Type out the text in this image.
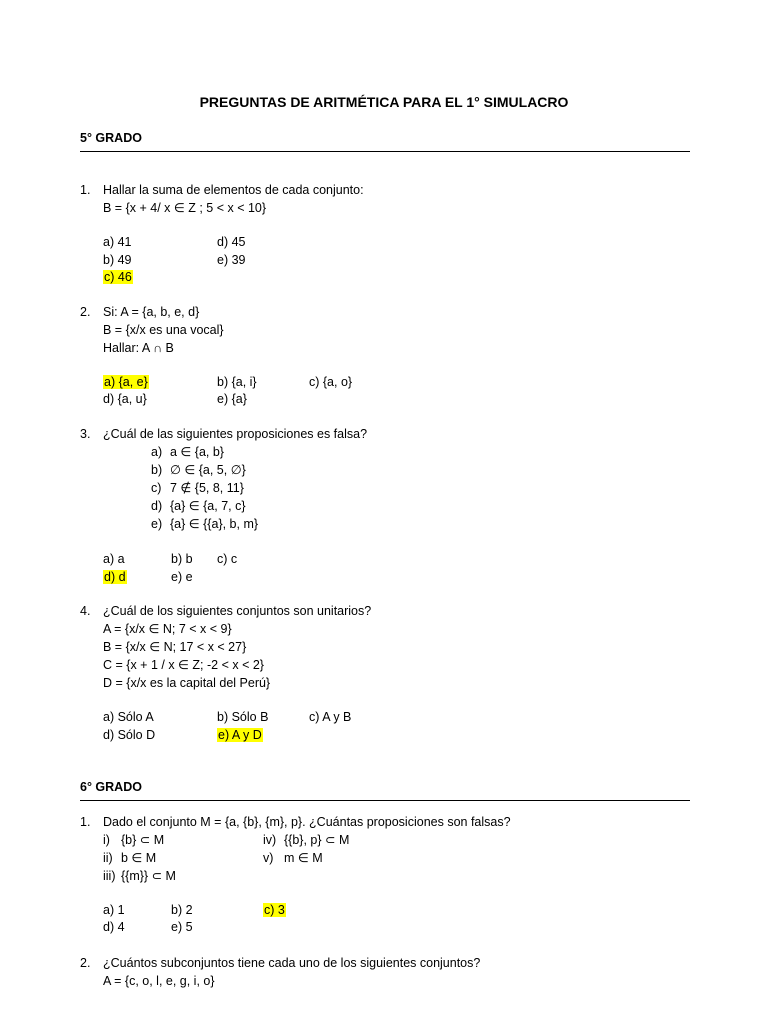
PREGUNTAS DE ARITMÉTICA PARA EL 1° SIMULACRO
5° GRADO
1. Hallar la suma de elementos de cada conjunto:
B = {x + 4/ x ∈ Z ; 5 < x < 10}
a) 41	d) 45
b) 49	e) 39
c) 46
2. Si: A = {a, b, e, d}
B = {x/x es una vocal}
Hallar: A ∩ B
a) {a, e}	b) {a, i}	c) {a, o}
d) {a, u}	e) {a}
3. ¿Cuál de las siguientes proposiciones es falsa?
a) a ∈ {a, b}
b) ∅ ∈ {a, 5, ∅}
c) 7 ∉ {5, 8, 11}
d) {a} ∈ {a, 7, c}
e) {a} ∈ {{a}, b, m}
a) a	b) b c) c
d) d	e) e
4. ¿Cuál de los siguientes conjuntos son unitarios?
A = {x/x ∈ N; 7 < x < 9}
B = {x/x ∈ N; 17 < x < 27}
C = {x + 1 / x ∈ Z; -2 < x < 2}
D = {x/x es la capital del Perú}
a) Sólo A	b) Sólo B	c) A y B
d) Sólo D	e) A y D
6° GRADO
1. Dado el conjunto M = {a, {b}, {m}, p}. ¿Cuántas proposiciones son falsas?
i) {b} ⊂ M	iv) {{b}, p} ⊂ M
ii) b ∈ M	v) m ∈ M
iii) {{m}} ⊂ M
a) 1	b) 2	c) 3
d) 4	e) 5
2. ¿Cuántos subconjuntos tiene cada uno de los siguientes conjuntos?
A = {c, o, l, e, g, i, o}
